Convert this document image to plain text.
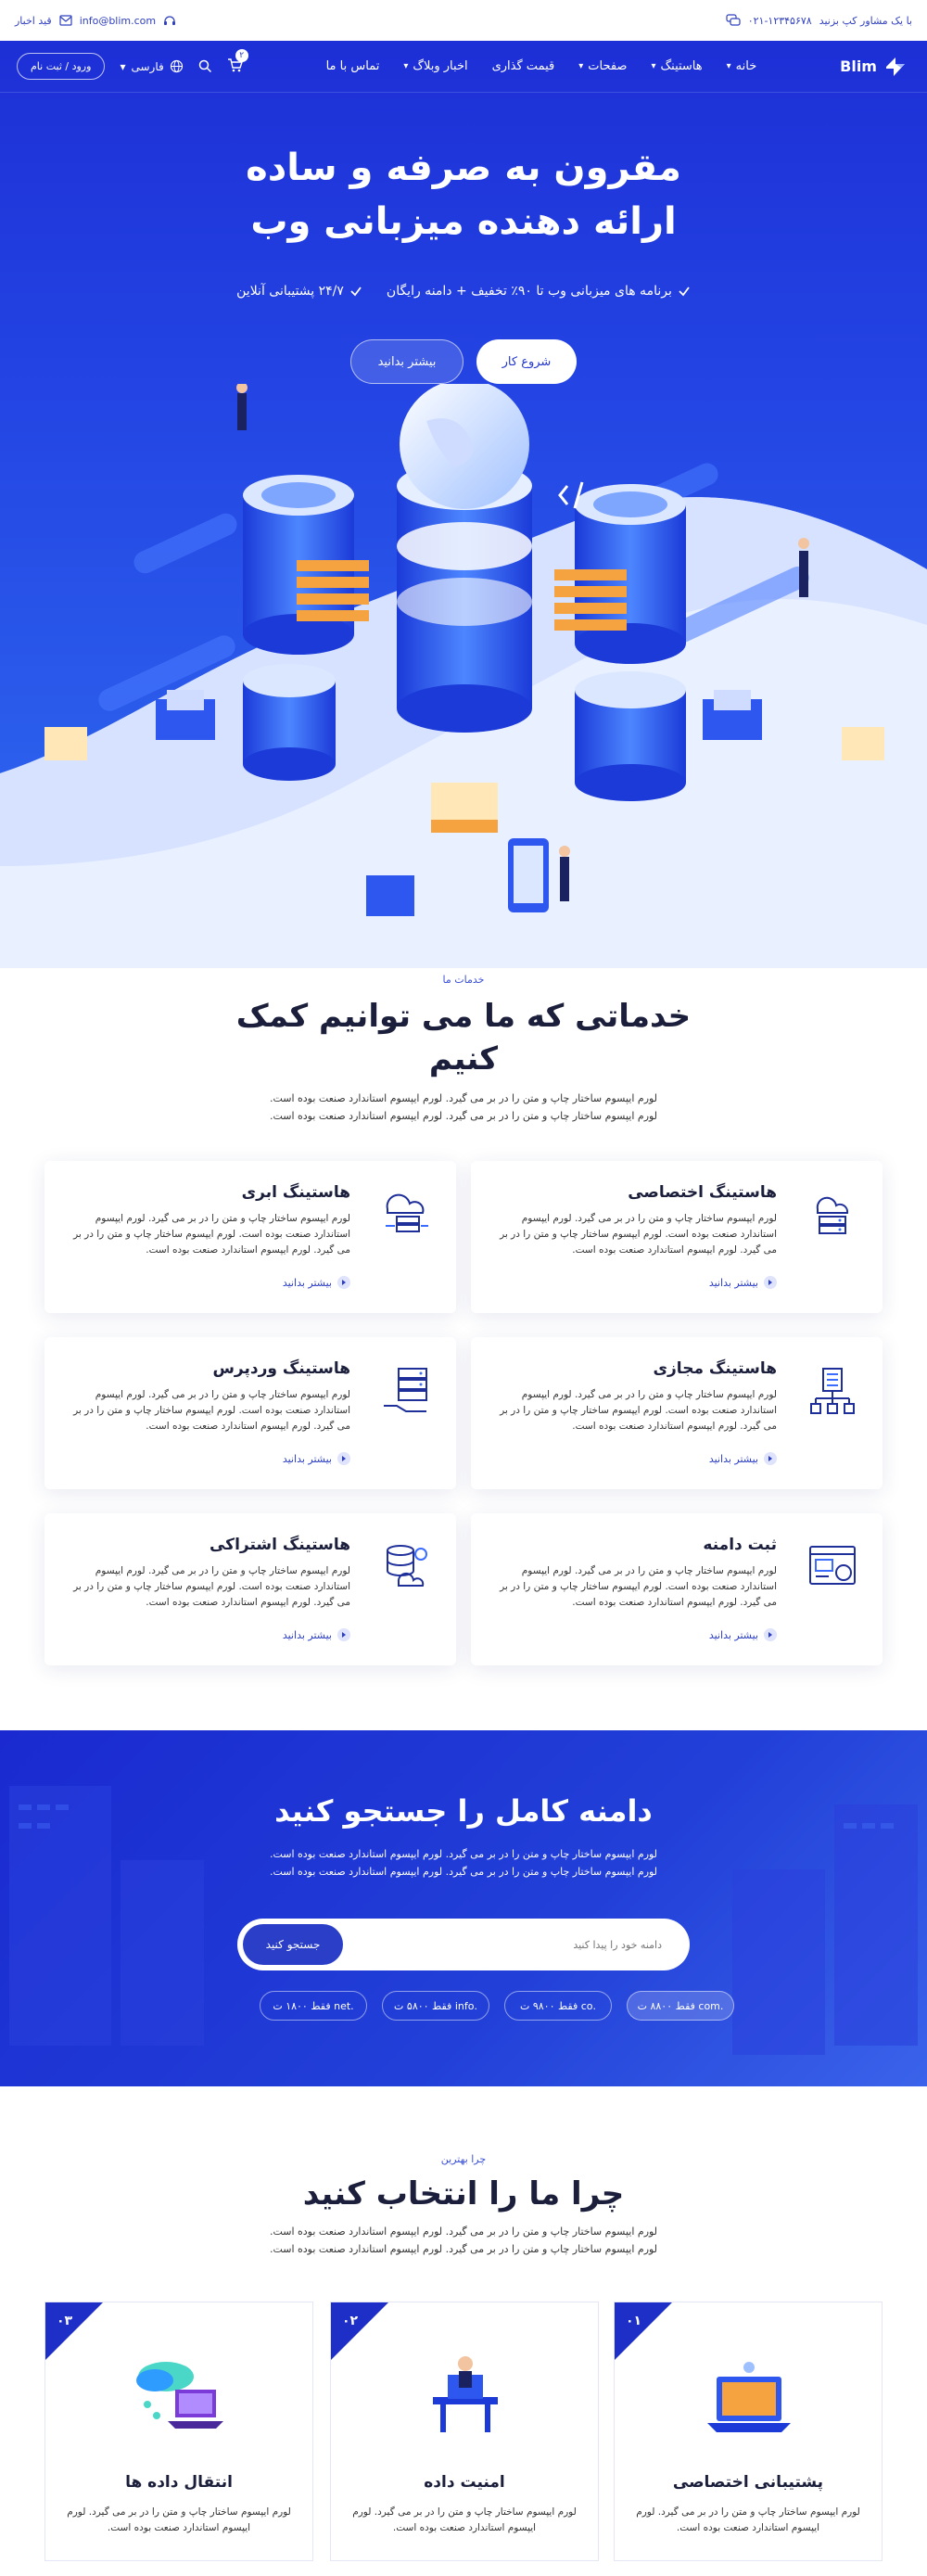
قید اخبار	info@blim.com	با یک مشاور کپ بزنید
۰۲۱-۱۲۳۴۵۶۷۸
ورود / ثبت نام	▾ فارسی
۲
تماس با ما	▾ اخبار وبلاگ قیمت گذاری	▾ صفحات	▾ هاستینگ	▾ خانه	Blim
مقرون به صرفه و ساده
ارائه دهنده میزبانی وب
برنامه های میزبانی وب تا ۹۰٪ تخفیف + دامنه رایگان
۲۴/۷ پشتیبانی آنلاین
شروع کار
بیشتر بدانید
خدمات ما
خدماتی که ما می توانیم کمک
کنیم
لورم ایپسوم ساختار چاپ و متن را در بر می گیرد. لورم ایپسوم استاندارد صنعت بوده است. لورم ایپسوم ساختار چاپ و متن را در بر می گیرد. لورم ایپسوم استاندارد صنعت بوده است.
هاستینگ اختصاصی
لورم ایپسوم ساختار چاپ و متن را در بر می گیرد. لورم ایپسوم استاندارد صنعت بوده است. لورم ایپسوم ساختار چاپ و متن را در بر می گیرد. لورم ایپسوم استاندارد صنعت بوده است.
بیشتر بدانید
هاستینگ ابری
لورم ایپسوم ساختار چاپ و متن را در بر می گیرد. لورم ایپسوم استاندارد صنعت بوده است. لورم ایپسوم ساختار چاپ و متن را در بر می گیرد. لورم ایپسوم استاندارد صنعت بوده است.
بیشتر بدانید
هاستینگ مجازی
لورم ایپسوم ساختار چاپ و متن را در بر می گیرد. لورم ایپسوم استاندارد صنعت بوده است. لورم ایپسوم ساختار چاپ و متن را در بر می گیرد. لورم ایپسوم استاندارد صنعت بوده است.
بیشتر بدانید
هاستینگ وردپرس
لورم ایپسوم ساختار چاپ و متن را در بر می گیرد. لورم ایپسوم استاندارد صنعت بوده است. لورم ایپسوم ساختار چاپ و متن را در بر می گیرد. لورم ایپسوم استاندارد صنعت بوده است.
بیشتر بدانید
ثبت دامنه
لورم ایپسوم ساختار چاپ و متن را در بر می گیرد. لورم ایپسوم استاندارد صنعت بوده است. لورم ایپسوم ساختار چاپ و متن را در بر می گیرد. لورم ایپسوم استاندارد صنعت بوده است.
بیشتر بدانید
هاستینگ اشتراکی
لورم ایپسوم ساختار چاپ و متن را در بر می گیرد. لورم ایپسوم استاندارد صنعت بوده است. لورم ایپسوم ساختار چاپ و متن را در بر می گیرد. لورم ایپسوم استاندارد صنعت بوده است.
بیشتر بدانید
دامنه کامل را جستجو کنید
لورم ایپسوم ساختار چاپ و متن را در بر می گیرد. لورم ایپسوم استاندارد صنعت بوده است. لورم ایپسوم ساختار چاپ و متن را در بر می گیرد. لورم ایپسوم استاندارد صنعت بوده است.
دامنه خود را پیدا کنید
جستجو کنید
.com فقط ۸۸۰۰ ت
.co فقط ۹۸۰۰ ت
.info فقط ۵۸۰۰ ت
.net فقط ۱۸۰۰ ت
چرا بهترین
چرا ما را انتخاب کنید
لورم ایپسوم ساختار چاپ و متن را در بر می گیرد. لورم ایپسوم استاندارد صنعت بوده است. لورم ایپسوم ساختار چاپ و متن را در بر می گیرد. لورم ایپسوم استاندارد صنعت بوده است.
۰۱
پشتیبانی اختصاصی
لورم ایپسوم ساختار چاپ و متن را در بر می گیرد. لورم ایپسوم استاندارد صنعت بوده است.
۰۲
امنیت داده
لورم ایپسوم ساختار چاپ و متن را در بر می گیرد. لورم ایپسوم استاندارد صنعت بوده است.
۰۳
انتقال داده ها
لورم ایپسوم ساختار چاپ و متن را در بر می گیرد. لورم ایپسوم استاندارد صنعت بوده است.
